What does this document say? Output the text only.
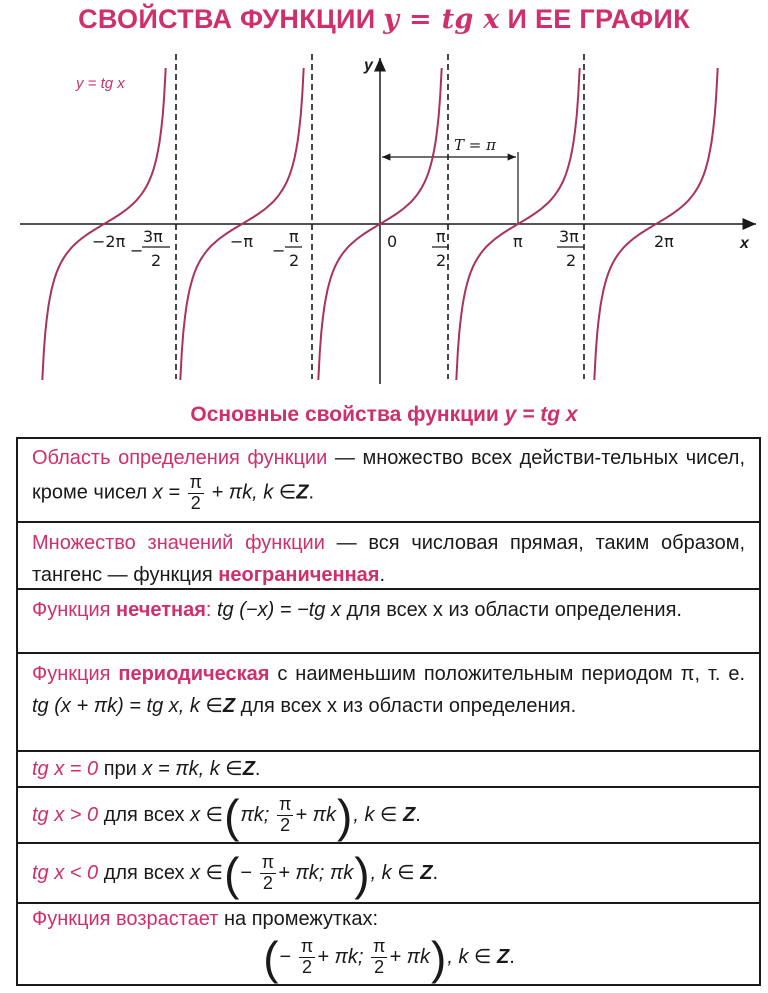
СВОЙСТВА ФУНКЦИИ y = tg x И ЕЕ ГРАФИК
T = π
y = tg x
y
x
−2π −
3π
2
−π −
π
2
0 π
2
π 3π
2
2π
Основные свойства функции y = tg x
Область определения функции — множество всех действи-тельных чисел, кроме чисел $x = \frac{\pi}{2} + \pi k$, k ∈Z.
Множество значений функции — вся числовая прямая, таким образом, тангенс — функция неограниченная.
Функция нечетная: tg (−x) = −tg x для всех x из области определения.
Функция периодическая с наименьшим положительным периодом π, т. е. tg (x + πk) = tg x, k ∈Z для всех x из области определения.
tg x = 0 при x = πk, k ∈Z.
tg x > 0 для всех x ∈(πk; $\frac{\pi}{2} + \pi k$), k ∈ Z.
tg x < 0 для всех x ∈(− $\frac{\pi}{2} + \pi k$; πk), k ∈ Z.
Функция возрастает на промежутках:
(− $\frac{\pi}{2} + \pi k$; $\frac{\pi}{2} + \pi k$), k ∈ Z.
